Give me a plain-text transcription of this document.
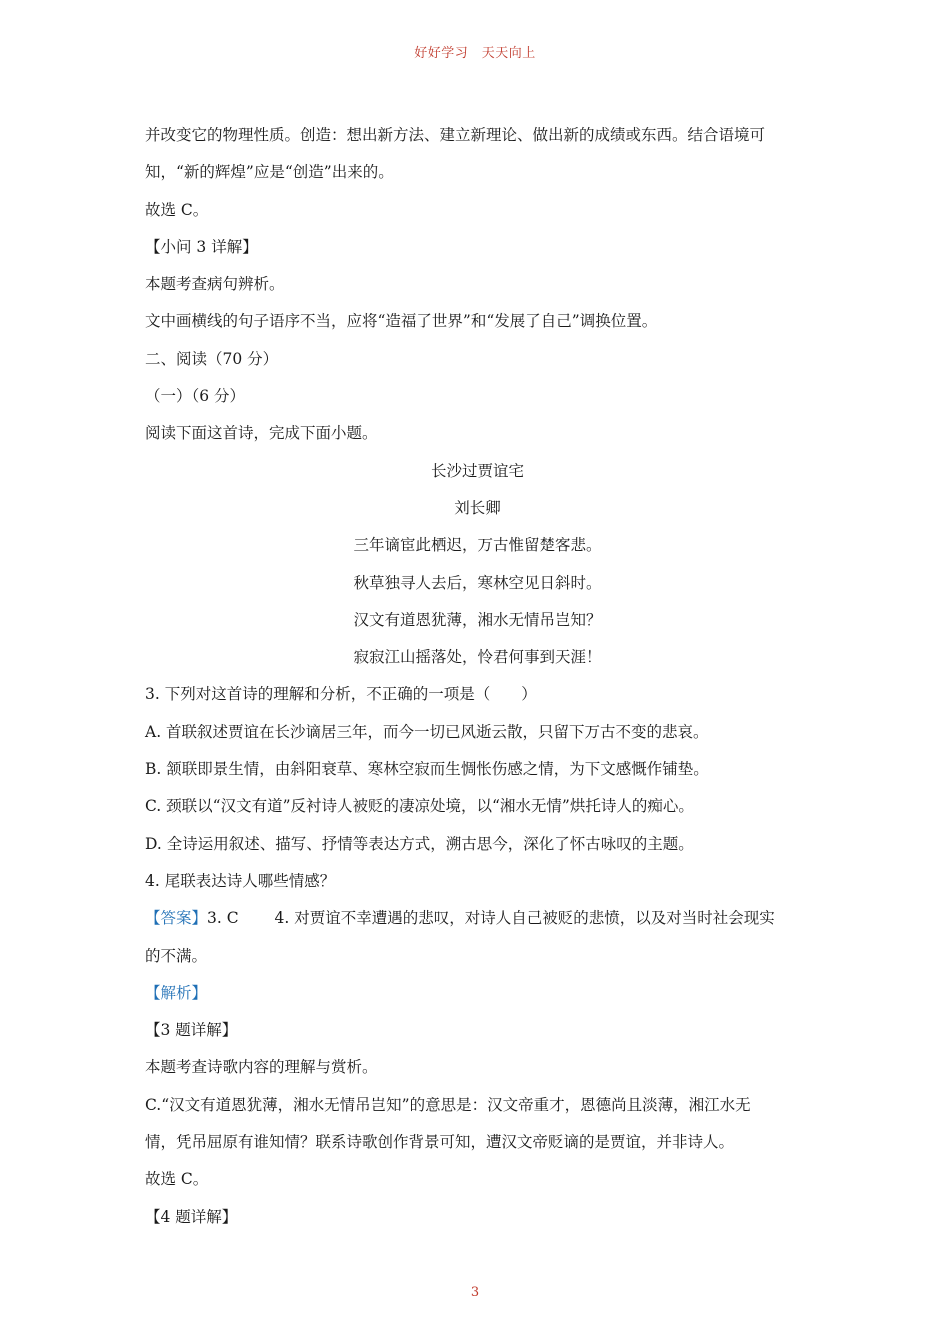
好好学习　天天向上
并改变它的物理性质。创造：想出新方法、建立新理论、做出新的成绩或东西。结合语境可
知，“新的辉煌”应是“创造”出来的。
故选 C。
【小问 3 详解】
本题考查病句辨析。
文中画横线的句子语序不当，应将“造福了世界”和“发展了自己”调换位置。
二、阅读（70 分）
（一）（6 分）
阅读下面这首诗，完成下面小题。
长沙过贾谊宅
刘长卿
三年谪宦此栖迟，万古惟留楚客悲。
秋草独寻人去后，寒林空见日斜时。
汉文有道恩犹薄，湘水无情吊岂知？
寂寂江山摇落处，怜君何事到天涯！
3. 下列对这首诗的理解和分析，不正确的一项是（　　）
A. 首联叙述贾谊在长沙谪居三年，而今一切已风逝云散，只留下万古不变的悲哀。
B. 颔联即景生情，由斜阳衰草、寒林空寂而生惆怅伤感之情，为下文感慨作铺垫。
C. 颈联以“汉文有道”反衬诗人被贬的凄凉处境，以“湘水无情”烘托诗人的痴心。
D. 全诗运用叙述、描写、抒情等表达方式，溯古思今，深化了怀古咏叹的主题。
4. 尾联表达诗人哪些情感？
【答案】3. C　　 4. 对贾谊不幸遭遇的悲叹，对诗人自己被贬的悲愤，以及对当时社会现实
的不满。
【解析】
【3 题详解】
本题考查诗歌内容的理解与赏析。
C.“汉文有道恩犹薄，湘水无情吊岂知”的意思是：汉文帝重才，恩德尚且淡薄，湘江水无
情，凭吊屈原有谁知情？联系诗歌创作背景可知，遭汉文帝贬谪的是贾谊，并非诗人。
故选 C。
【4 题详解】
3
